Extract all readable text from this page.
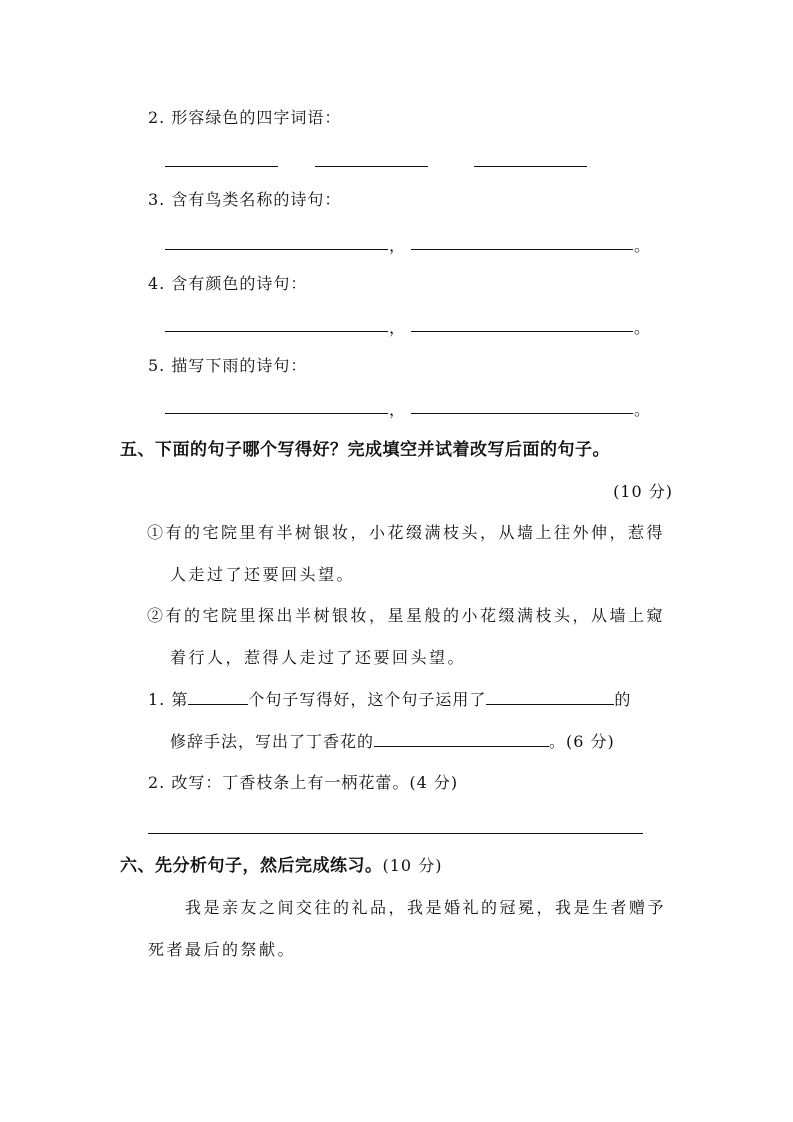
2. 形容绿色的四字词语：
3. 含有鸟类名称的诗句：
，	。
4. 含有颜色的诗句：
，	。
5. 描写下雨的诗句：
，	。
五、下面的句子哪个写得好？完成填空并试着改写后面的句子。
(10 分)
①有的宅院里有半树银妆，小花缀满枝头，从墙上往外伸，惹得
人走过了还要回头望。
②有的宅院里探出半树银妆，星星般的小花缀满枝头，从墙上窥
着行人，惹得人走过了还要回头望。
1. 第	个句子写得好，这个句子运用了	的
修辞手法，写出了丁香花的	。(6 分)
2. 改写：丁香枝条上有一柄花蕾。(4 分)
六、先分析句子，然后完成练习。(10 分)
我是亲友之间交往的礼品，我是婚礼的冠冕，我是生者赠予
死者最后的祭献。
